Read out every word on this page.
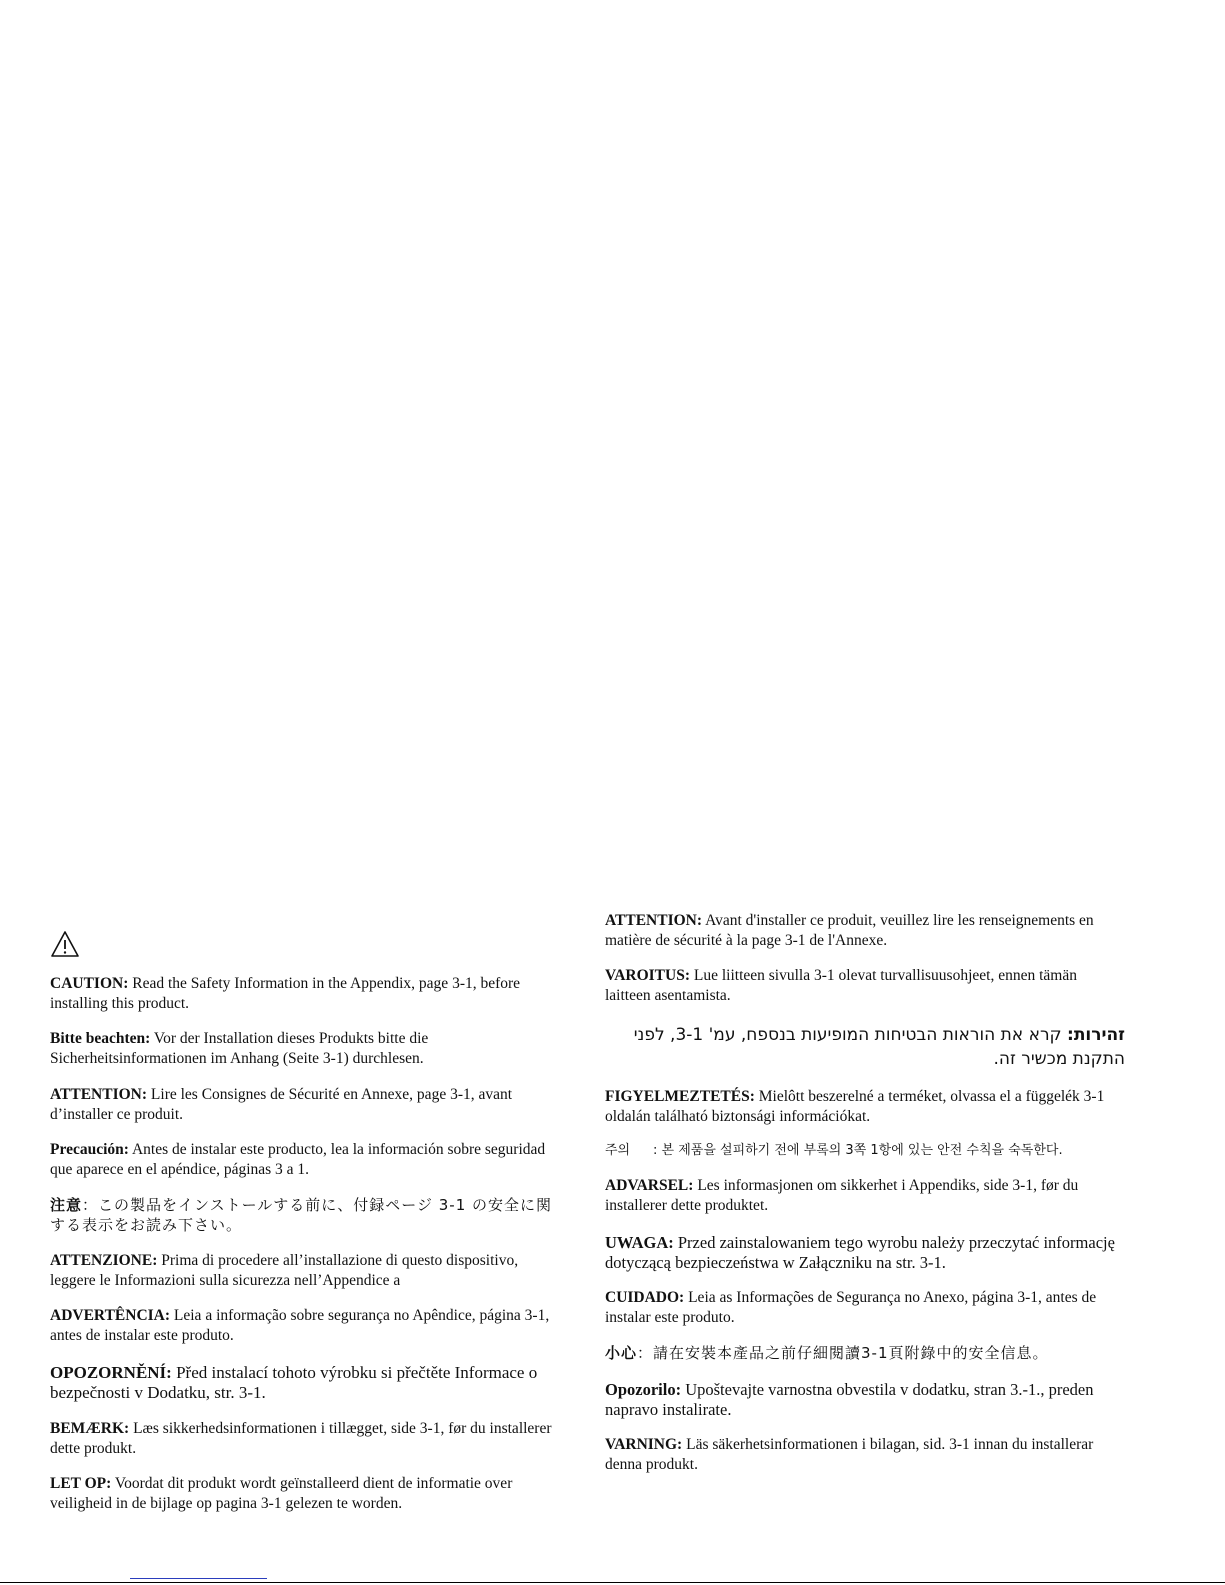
CAUTION: Read the Safety Information in the Appendix, page 3-1, before installing this product.

Bitte beachten: Vor der Installation dieses Produkts bitte die Sicherheitsinformationen im Anhang (Seite 3-1) durchlesen.

ATTENTION: Lire les Consignes de Sécurité en Annexe, page 3-1, avant d’installer ce produit.

Precaución: Antes de instalar este producto, lea la información sobre seguridad que aparece en el apéndice, páginas 3 a 1.

注意：この製品をインストールする前に、付録ページ 3-1 の安全に関する表示をお読み下さい。

ATTENZIONE: Prima di procedere all’installazione di questo dispositivo, leggere le Informazioni sulla sicurezza nell’Appendice a

ADVERTÊNCIA: Leia a informação sobre segurança no Apêndice, página 3-1, antes de instalar este produto.

OPOZORNĚNÍ: Před instalací tohoto výrobku si přečtěte Informace o bezpečnosti v Dodatku, str. 3-1.

BEMÆRK: Læs sikkerhedsinformationen i tillægget, side 3-1, før du installerer dette produkt.

LET OP: Voordat dit produkt wordt geïnstalleerd dient de informatie over veiligheid in de bijlage op pagina 3-1 gelezen te worden.

ATTENTION: Avant d'installer ce produit, veuillez lire les renseignements en matière de sécurité à la page 3-1 de l'Annexe.

VAROITUS: Lue liitteen sivulla 3-1 olevat turvallisuusohjeet, ennen tämän laitteen asentamista.

זהירות: קרא את הוראות הבטיחות המופיעות בנספח, עמ' 3-1, לפני התקנת מכשיר זה.

FIGYELMEZTETÉS: Mielôtt beszerelné a terméket, olvassa el a függelék 3-1 oldalán található biztonsági információkat.

주의 : 본 제품을 설피하기 전에 부록의 3쪽 1항에 있는 안전 수칙을 숙독한다.

ADVARSEL: Les informasjonen om sikkerhet i Appendiks, side 3-1, før du installerer dette produktet.

UWAGA: Przed zainstalowaniem tego wyrobu należy przeczytać informację dotyczącą bezpieczeństwa w Załączniku na str. 3-1.

CUIDADO: Leia as Informações de Segurança no Anexo, página 3-1, antes de instalar este produto.

小心：請在安裝本產品之前仔細閱讀3-1頁附錄中的安全信息。

Opozorilo: Upoštevajte varnostna obvestila v dodatku, stran 3.-1., preden napravo instalirate.

VARNING: Läs säkerhetsinformationen i bilagan, sid. 3-1 innan du installerar denna produkt.
